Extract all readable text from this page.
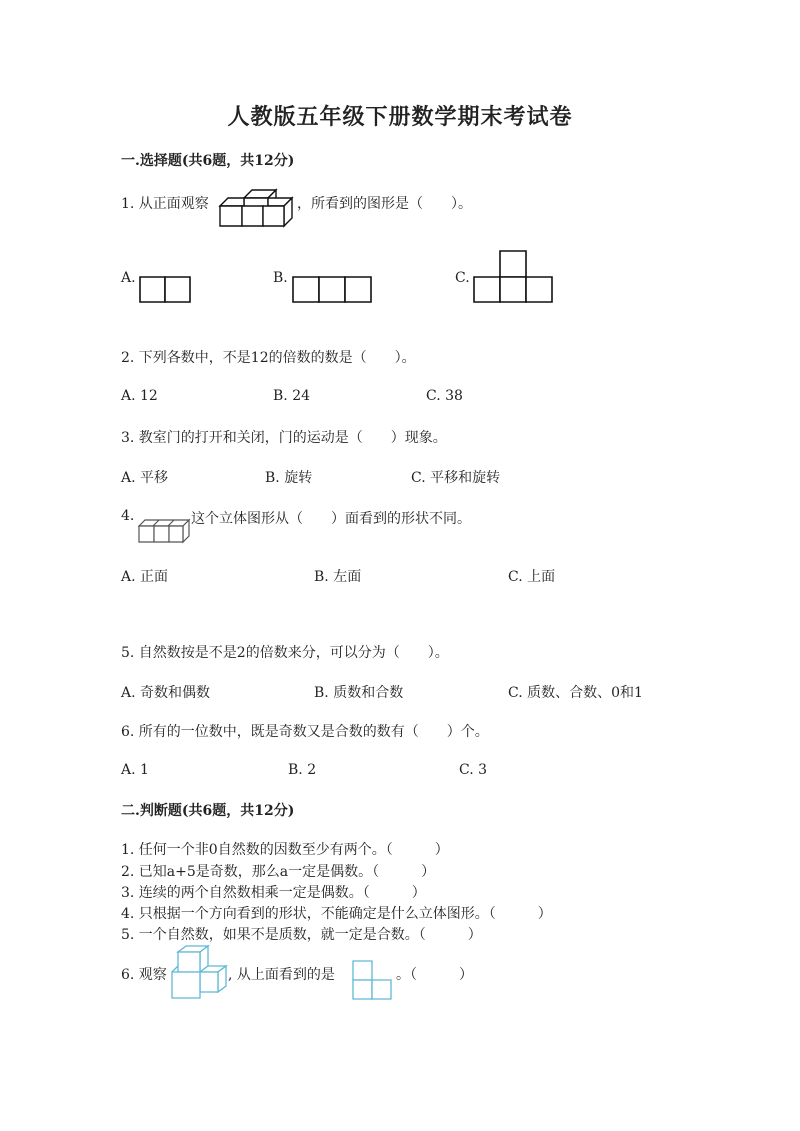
人教版五年级下册数学期末考试卷
一.选择题(共6题，共12分)
1. 从正面观察	，所看到的图形是（　　）。
A.	B.	C.
2. 下列各数中，不是12的倍数的数是（　　）。
A. 12	B. 24	C. 38
3. 教室门的打开和关闭，门的运动是（　　）现象。
A. 平移	B. 旋转	C. 平移和旋转
4.	这个立体图形从（　　）面看到的形状不同。
A. 正面	B. 左面	C. 上面
5. 自然数按是不是2的倍数来分，可以分为（　　）。
A. 奇数和偶数	B. 质数和合数	C. 质数、合数、0和1
6. 所有的一位数中，既是奇数又是合数的数有（　　）个。
A. 1	B. 2	C. 3
二.判断题(共6题，共12分)
1. 任何一个非0自然数的因数至少有两个。（　　　）
2. 已知a+5是奇数，那么a一定是偶数。（　　　）
3. 连续的两个自然数相乘一定是偶数。（　　　）
4. 只根据一个方向看到的形状，不能确定是什么立体图形。（　　　）
5. 一个自然数，如果不是质数，就一定是合数。（　　　）
6. 观察	, 从上面看到的是	。（　　　）
